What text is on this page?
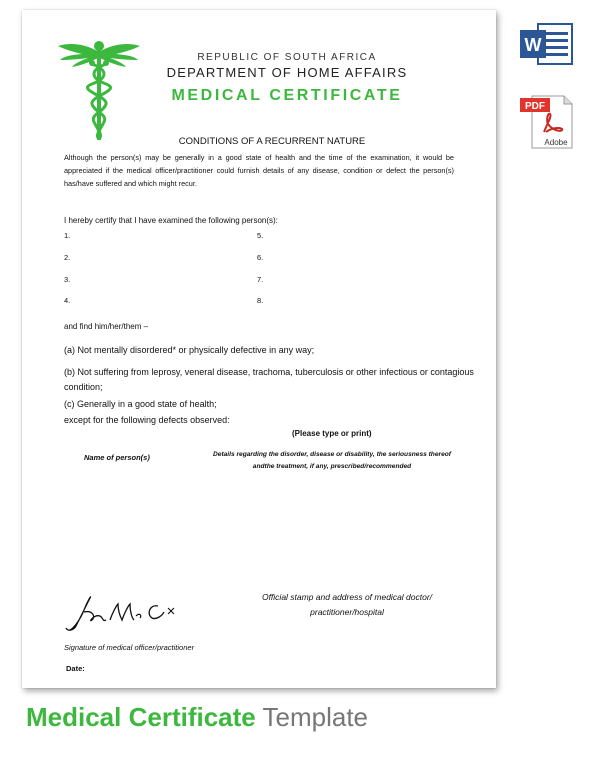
REPUBLIC OF SOUTH AFRICA
DEPARTMENT OF HOME AFFAIRS
MEDICAL CERTIFICATE
CONDITIONS OF A RECURRENT NATURE
Although the person(s) may be generally in a good state of health and the time of the examination, it would be appreciated if the medical officer/practitioner could furnish details of any disease, condition or defect the person(s) has/have suffered and which might recur.
I hereby certify that I have examined the following person(s):
1.
2.
3.
4.
5.
6.
7.
8.
and find him/her/them –
(a) Not mentally disordered* or physically defective in any way;
(b) Not suffering from leprosy, veneral disease, trachoma, tuberculosis or other infectious or contagious condition;
(c) Generally in a good state of health;
except for the following defects observed:
(Please type or print)
Name of person(s)	Details regarding the disorder, disease or disability, the seriousness thereof andthe treatment, if any, prescribed/recommended
Official stamp and address of medical doctor/ practitioner/hospital
Signature of medical officer/practitioner
Date:
W
PDF
Adobe
Medical Certificate Template
